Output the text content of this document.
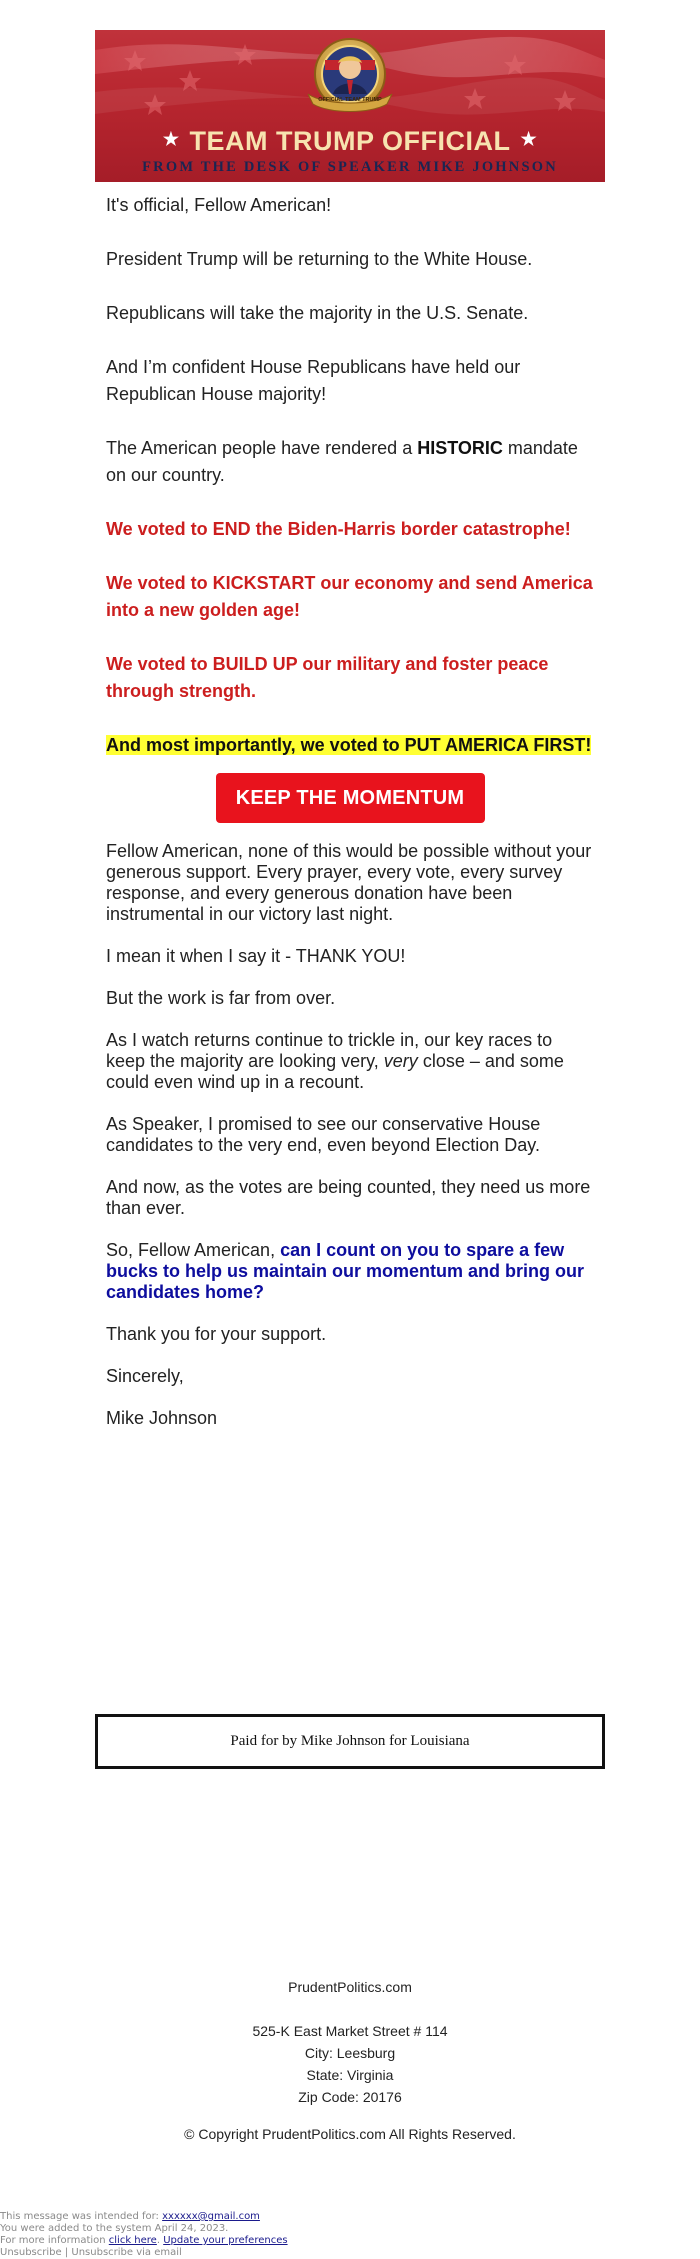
OFFICIAL TEAM TRUMP
★ TEAM TRUMP OFFICIAL ★
FROM THE DESK OF SPEAKER MIKE JOHNSON

It's official, Fellow American!

President Trump will be returning to the White House.

Republicans will take the majority in the U.S. Senate.

And I’m confident House Republicans have held our Republican House majority!

The American people have rendered a HISTORIC mandate on our country.

We voted to END the Biden-Harris border catastrophe!

We voted to KICKSTART our economy and send America into a new golden age!

We voted to BUILD UP our military and foster peace through strength.

And most importantly, we voted to PUT AMERICA FIRST!

KEEP THE MOMENTUM

Fellow American, none of this would be possible without your generous support. Every prayer, every vote, every survey response, and every generous donation have been instrumental in our victory last night.

I mean it when I say it - THANK YOU!

But the work is far from over.

As I watch returns continue to trickle in, our key races to keep the majority are looking very, very close – and some could even wind up in a recount.

As Speaker, I promised to see our conservative House candidates to the very end, even beyond Election Day.

And now, as the votes are being counted, they need us more than ever.

So, Fellow American, can I count on you to spare a few bucks to help us maintain our momentum and bring our candidates home?

Thank you for your support.

Sincerely,

Mike Johnson

Paid for by Mike Johnson for Louisiana
PrudentPolitics.com
525-K East Market Street # 114
City: Leesburg
State: Virginia
Zip Code: 20176
© Copyright PrudentPolitics.com All Rights Reserved.
This message was intended for: xxxxxx@gmail.com
You were added to the system April 24, 2023.
For more information click here. Update your preferences
Unsubscribe | Unsubscribe via email
